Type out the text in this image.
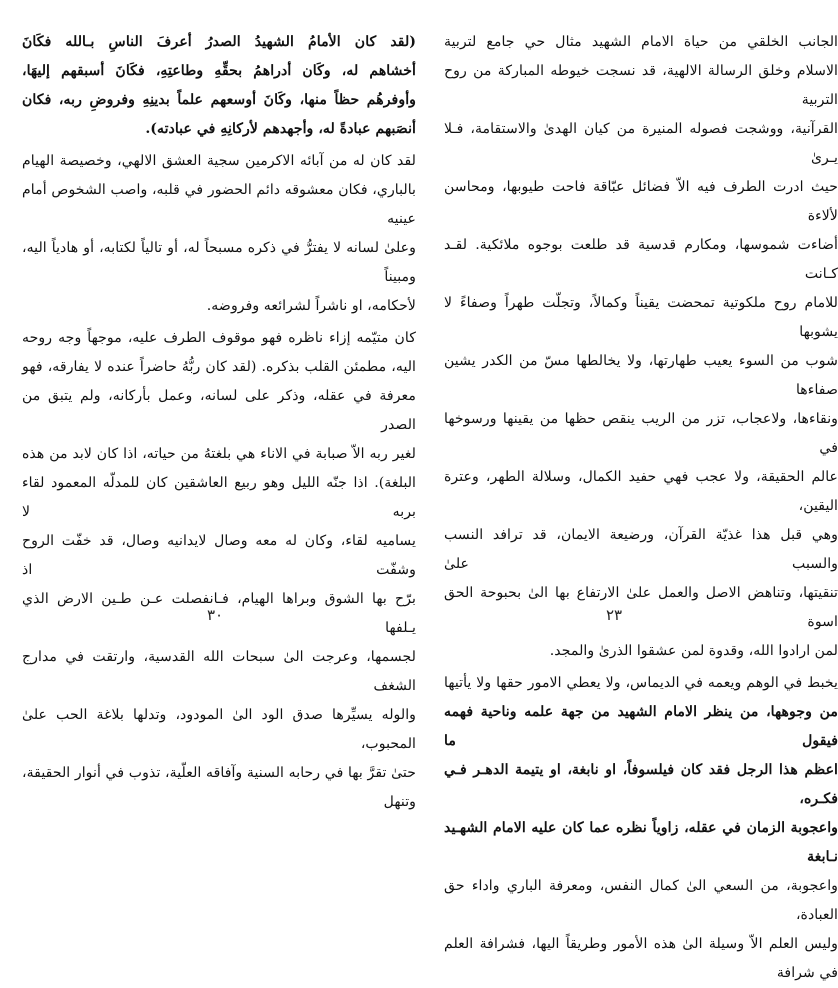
(لقد كان الأمامُ الشهيدُ الصدرُ أعرفَ الناسِ بـالله فكَانَ
أخشاهم له، وكَان أدراهمُ بحقِّهِ وطاعتِهِ، فكَانَ أسبقهم إليهَا،
وأوفرهُم حظاً منها، وكَانَ أوسعهم علماً بدينِهِ وفروضِ ربه، فكان
أنصَبهم عبادةً له، وأجهدهم لأركانِهِ في عبادته).
لقد كان له من آبائه الاكرمين سجية العشق الالهي، وخصيصة الهيام
بالباري، فكان معشوقه دائم الحضور في قلبه، واصب الشخوص أمام عينيه
وعلىٰ لسانه لا يفترُّ في ذكره مسبحاً له، أو تالياً لكتابه، أو هادياً اليه، ومبيناً
لأحكامه، او ناشراً لشرائعه وفروضه.
كان متيّمه إزاء ناظره فهو موقوف الطرف عليه، موجهاً وجه روحه
اليه، مطمئن القلب بذكره. (لقد كان ربُّهُ حاضراً عنده لا يفارقه، فهو
معرفة في عقله، وذكر على لسانه، وعمل بأركانه، ولم يتبق من الصدر
لغير ربه الاّ صبابة في الاناء هي بلغتهُ من حياته، اذا كان لابد من هذه
البلغة). اذا جنّه الليل وهو ربيع العاشقين كان للمدلّه المعمود لقاء بربه لا
يساميه لقاء، وكان له معه وصال لايدانيه وصال، قد خفّت الروح وشفّت اذ
برّح بها الشوق وبراها الهيام، فـانفصلت عـن طـين الارض الذي يـلفها
لجسمها، وعرجت الىٰ سبحات الله القدسية، وارتقت في مدارج الشغف
والوله يسيِّرها صدق الود الىٰ المودود، وتدلها بلاغة الحب علىٰ المحبوب،
حتىٰ تقرَّ بها في رحابه السنية وآفاقه العلّية، تذوب في أنوار الحقيقة، وتنهل
٣٠
الجانب الخلقي من حياة الامام الشهيد مثال حي جامع لتربية
الاسلام وخلق الرسالة الالهية، قد نسجت خيوطه المباركة من روح التربية
القرآنية، ووشجت فصوله المنيرة من كيان الهدىٰ والاستقامة، فـلا يـرىٰ
حيث ادرت الطرف فيه الاّ فضائل عبّاقة فاحت طيوبها، ومحاسن لألاءة
أضاءت شموسها، ومكارم قدسية قد طلعت بوجوه ملائكية. لقـد كـانت
للامام روح ملكوتية تمحضت يقيناً وكمالاً، وتجلّت طهراً وصفاءً لا يشوبها
شوب من السوء يعيب طهارتها، ولا يخالطها مسّ من الكدر يشين صفاءها
ونقاءها، ولاعجاب، تزر من الريب ينقص حظها من يقينها ورسوخها في
عالم الحقيقة، ولا عجب فهي حفيد الكمال، وسلالة الطهر، وعترة اليقين،
وهي قبل هذا غذيّة القرآن، ورضيعة الايمان، قد ترافد النسب والسبب علىٰ
تنقيتها، وتناهض الاصل والعمل علىٰ الارتفاع بها الىٰ بحبوحة الحق اسوة
لمن ارادوا الله، وقدوة لمن عشقوا الذرىٰ والمجد.
يخبط في الوهم ويعمه في الديماس، ولا يعطي الامور حقها ولا يأتيها
من وجوهها، من ينظر الامام الشهيد من جهة علمه وناحية فهمه فيقول ما
اعظم هذا الرجل فقد كان فيلسوفاً، او نابغة، او يتيمة الدهـر فـي فكـره،
واعجوبة الزمان في عقله، زاوياً نظره عما كان عليه الامام الشهـيد نـابغة
واعجوبة، من السعي الىٰ كمال النفس، ومعرفة الباري واداء حق العبادة،
وليس العلم الاّ وسيلة الىٰ هذه الأمور وطريقاً اليها، فشرافة العلم في شرافة
٢٣
